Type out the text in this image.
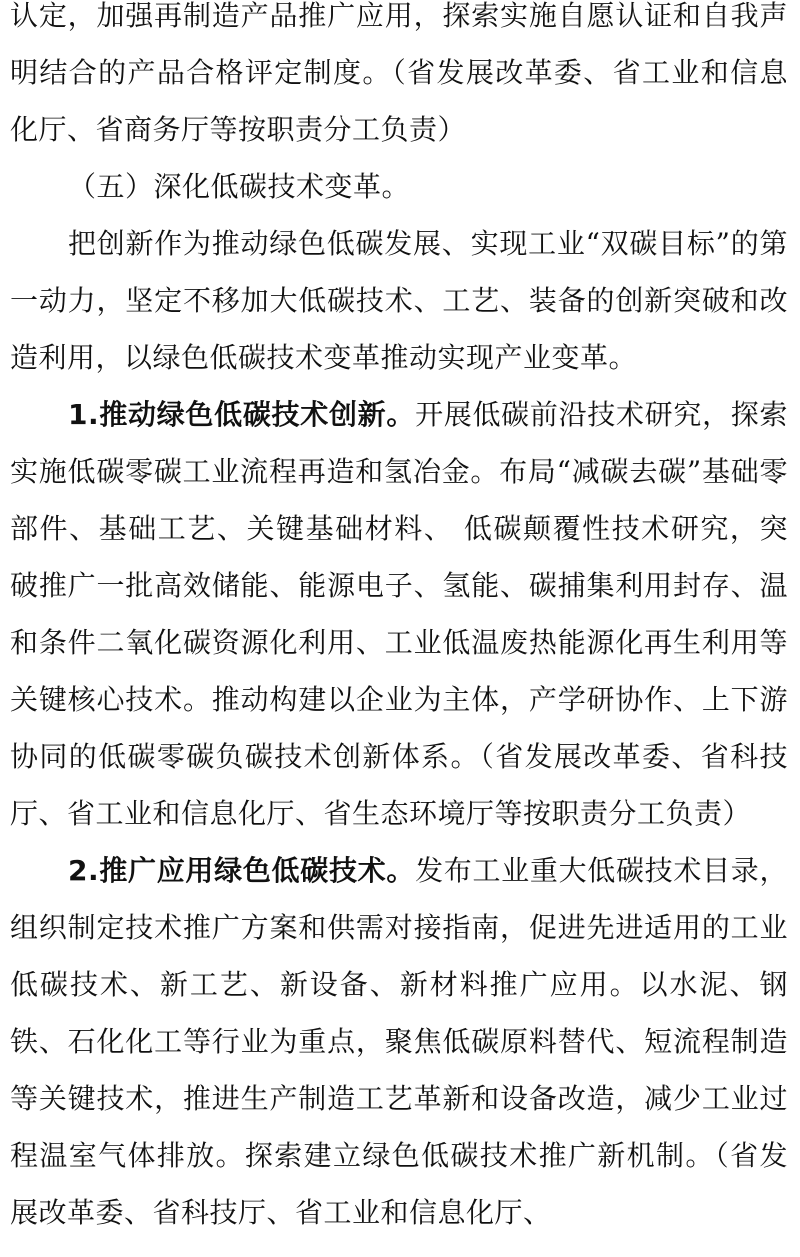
认定，加强再制造产品推广应用，探索实施自愿认证和自我声明结合的产品合格评定制度。（省发展改革委、省工业和信息化厅、省商务厅等按职责分工负责）

（五）深化低碳技术变革。

把创新作为推动绿色低碳发展、实现工业“双碳目标”的第一动力，坚定不移加大低碳技术、工艺、装备的创新突破和改造利用，以绿色低碳技术变革推动实现产业变革。

1.推动绿色低碳技术创新。开展低碳前沿技术研究，探索实施低碳零碳工业流程再造和氢冶金。布局“减碳去碳”基础零部件、基础工艺、关键基础材料、 低碳颠覆性技术研究，突破推广一批高效储能、能源电子、氢能、碳捕集利用封存、温和条件二氧化碳资源化利用、工业低温废热能源化再生利用等关键核心技术。推动构建以企业为主体，产学研协作、上下游协同的低碳零碳负碳技术创新体系。（省发展改革委、省科技厅、省工业和信息化厅、省生态环境厅等按职责分工负责）

2.推广应用绿色低碳技术。发布工业重大低碳技术目录，组织制定技术推广方案和供需对接指南，促进先进适用的工业低碳技术、新工艺、新设备、新材料推广应用。以水泥、钢铁、石化化工等行业为重点，聚焦低碳原料替代、短流程制造等关键技术，推进生产制造工艺革新和设备改造，减少工业过程温室气体排放。探索建立绿色低碳技术推广新机制。（省发展改革委、省科技厅、省工业和信息化厅、
